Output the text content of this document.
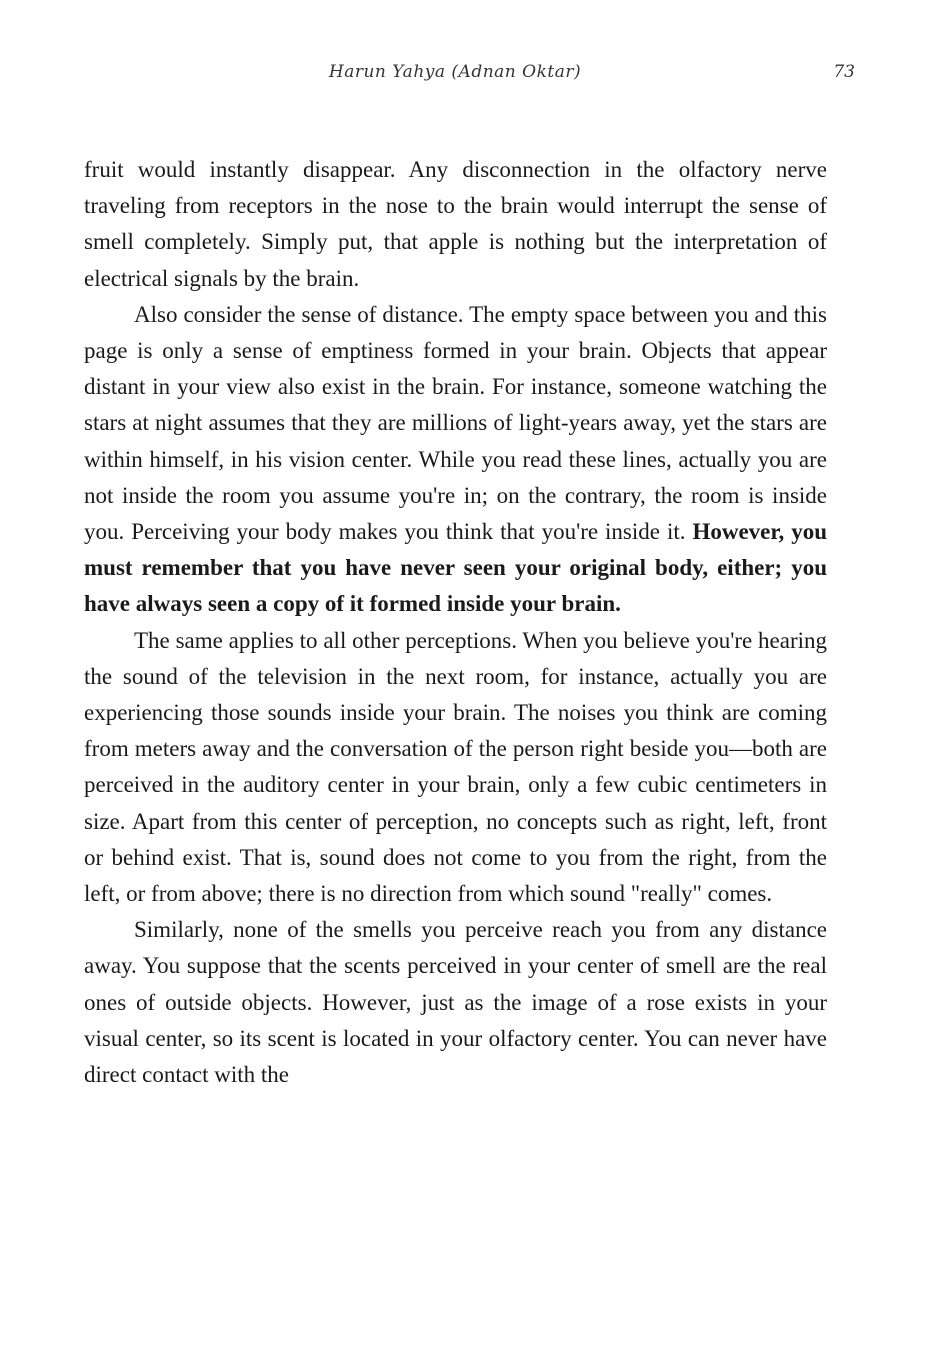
Harun Yahya (Adnan Oktar)	73

fruit would instantly disappear. Any disconnection in the olfactory nerve traveling from receptors in the nose to the brain would interrupt the sense of smell completely. Simply put, that apple is nothing but the interpretation of electrical signals by the brain.

Also consider the sense of distance. The empty space between you and this page is only a sense of emptiness formed in your brain. Objects that appear distant in your view also exist in the brain. For instance, someone watching the stars at night assumes that they are millions of light-years away, yet the stars are within himself, in his vision center. While you read these lines, actually you are not inside the room you assume you're in; on the contrary, the room is inside you. Perceiving your body makes you think that you're inside it. However, you must remember that you have never seen your original body, either; you have always seen a copy of it formed inside your brain.

The same applies to all other perceptions. When you believe you're hearing the sound of the television in the next room, for instance, actually you are experiencing those sounds inside your brain. The noises you think are coming from meters away and the conversation of the person right beside you—both are perceived in the auditory center in your brain, only a few cubic centimeters in size. Apart from this center of perception, no concepts such as right, left, front or behind exist. That is, sound does not come to you from the right, from the left, or from above; there is no direction from which sound "really" comes.

Similarly, none of the smells you perceive reach you from any distance away. You suppose that the scents perceived in your center of smell are the real ones of outside objects. However, just as the image of a rose exists in your visual center, so its scent is located in your olfactory center. You can never have direct contact with the
